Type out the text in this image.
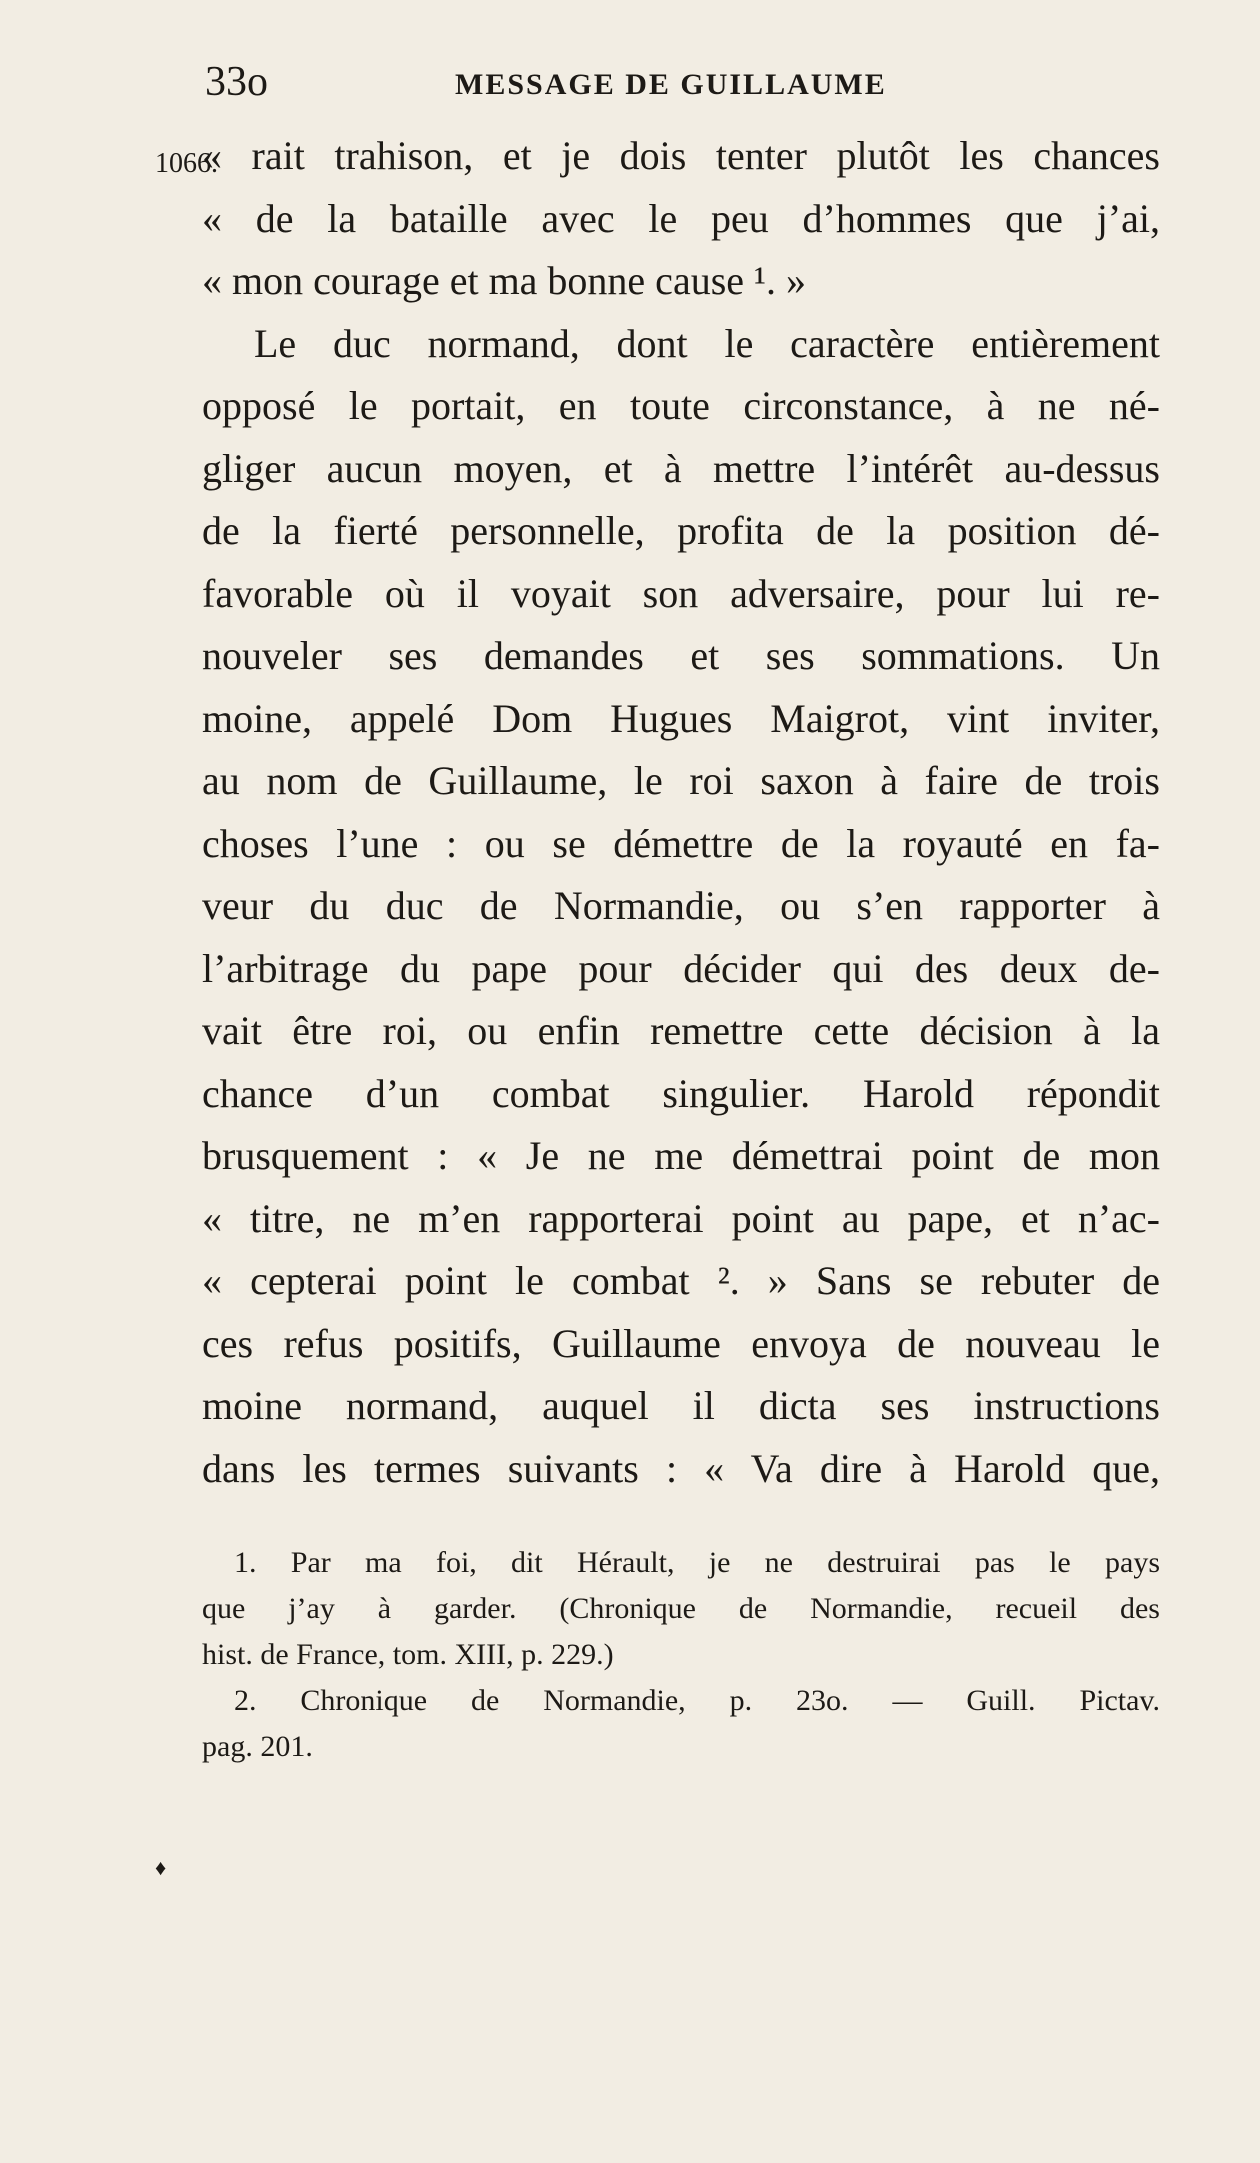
33o	MESSAGE DE GUILLAUME
1066.
« rait trahison, et je dois tenter plutôt les chances
« de la bataille avec le peu d’hommes que j’ai,
« mon courage et ma bonne cause ¹. »
Le duc normand, dont le caractère entièrement
opposé le portait, en toute circonstance, à ne né-
gliger aucun moyen, et à mettre l’intérêt au-dessus
de la fierté personnelle, profita de la position dé-
favorable où il voyait son adversaire, pour lui re-
nouveler ses demandes et ses sommations. Un
moine, appelé Dom Hugues Maigrot, vint inviter,
au nom de Guillaume, le roi saxon à faire de trois
choses l’une : ou se démettre de la royauté en fa-
veur du duc de Normandie, ou s’en rapporter à
l’arbitrage du pape pour décider qui des deux de-
vait être roi, ou enfin remettre cette décision à la
chance d’un combat singulier. Harold répondit
brusquement : « Je ne me démettrai point de mon
« titre, ne m’en rapporterai point au pape, et n’ac-
« cepterai point le combat ². » Sans se rebuter de
ces refus positifs, Guillaume envoya de nouveau le
moine normand, auquel il dicta ses instructions
dans les termes suivants : « Va dire à Harold que,
1. Par ma foi, dit Hérault, je ne destruirai pas le pays
que j’ay à garder. (Chronique de Normandie, recueil des
hist. de France, tom. XIII, p. 229.)
2. Chronique de Normandie, p. 23o. — Guill. Pictav.
pag. 201.
♦
